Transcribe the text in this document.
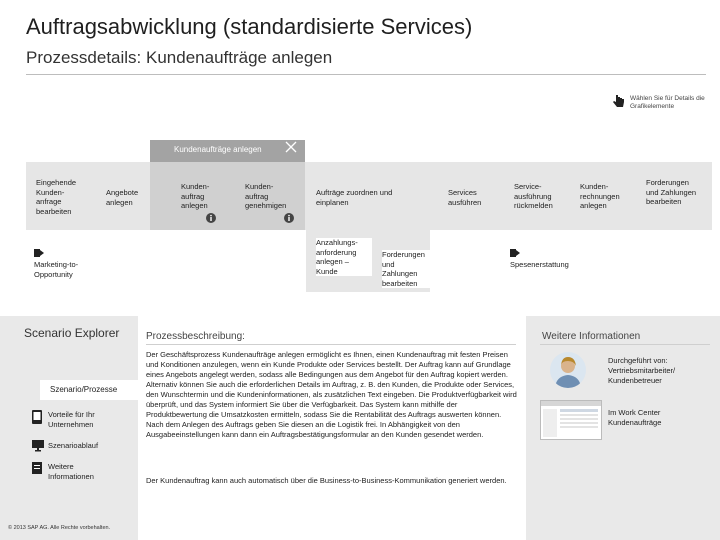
Auftragsabwicklung (standardisierte Services)
Prozessdetails: Kundenaufträge anlegen
Wählen Sie für Details die Grafikelemente
Kundenaufträge anlegen
Eingehende Kunden-anfrage bearbeiten
Angebote anlegen
Kunden-auftrag anlegen
Kunden-auftrag genehmigen
Aufträge zuordnen und einplanen
Services ausführen
Service-ausführung rückmelden
Kunden-rechnungen anlegen
Forderungen und Zahlungen bearbeiten
Anzahlungs-anforderung anlegen – Kunde
Forderungen und Zahlungen bearbeiten
Marketing-to-Opportunity
Spesenerstattung
Scenario Explorer
Szenario/Prozesse
Vorteile für Ihr Unternehmen
Szenarioablauf
Weitere Informationen
© 2013 SAP AG. Alle Rechte vorbehalten.
Prozessbeschreibung:
Der Geschäftsprozess Kundenaufträge anlegen ermöglicht es Ihnen, einen Kundenauftrag mit festen Preisen und Konditionen anzulegen, wenn ein Kunde Produkte oder Services bestellt. Der Auftrag kann auf Grundlage eines Angebots angelegt werden, sodass alle Bedingungen aus dem Angebot für den Auftrag kopiert werden. Alternativ können Sie auch die erforderlichen Details im Auftrag, z. B. den Kunden, die Produkte oder Services, den Wunschtermin und die Kundeninformationen, als zusätzlichen Text eingeben. Die Produktverfügbarkeit wird überprüft, und das System informiert Sie über die Verfügbarkeit. Das System kann mithilfe der Produktbewertung die Umsatzkosten ermitteln, sodass Sie die Rentabilität des Auftrags auswerten können. Nach dem Anlegen des Auftrags geben Sie diesen an die Logistik frei. In Abhängigkeit von den Ausgabeeinstellungen kann dann ein Auftragsbestätigungsformular an den Kunden gesendet werden.
Der Kundenauftrag kann auch automatisch über die Business-to-Business-Kommunikation generiert werden.
Weitere Informationen
Durchgeführt von:
Vertriebsmitarbeiter/ Kundenbetreuer
Im Work Center
Kundenaufträge
